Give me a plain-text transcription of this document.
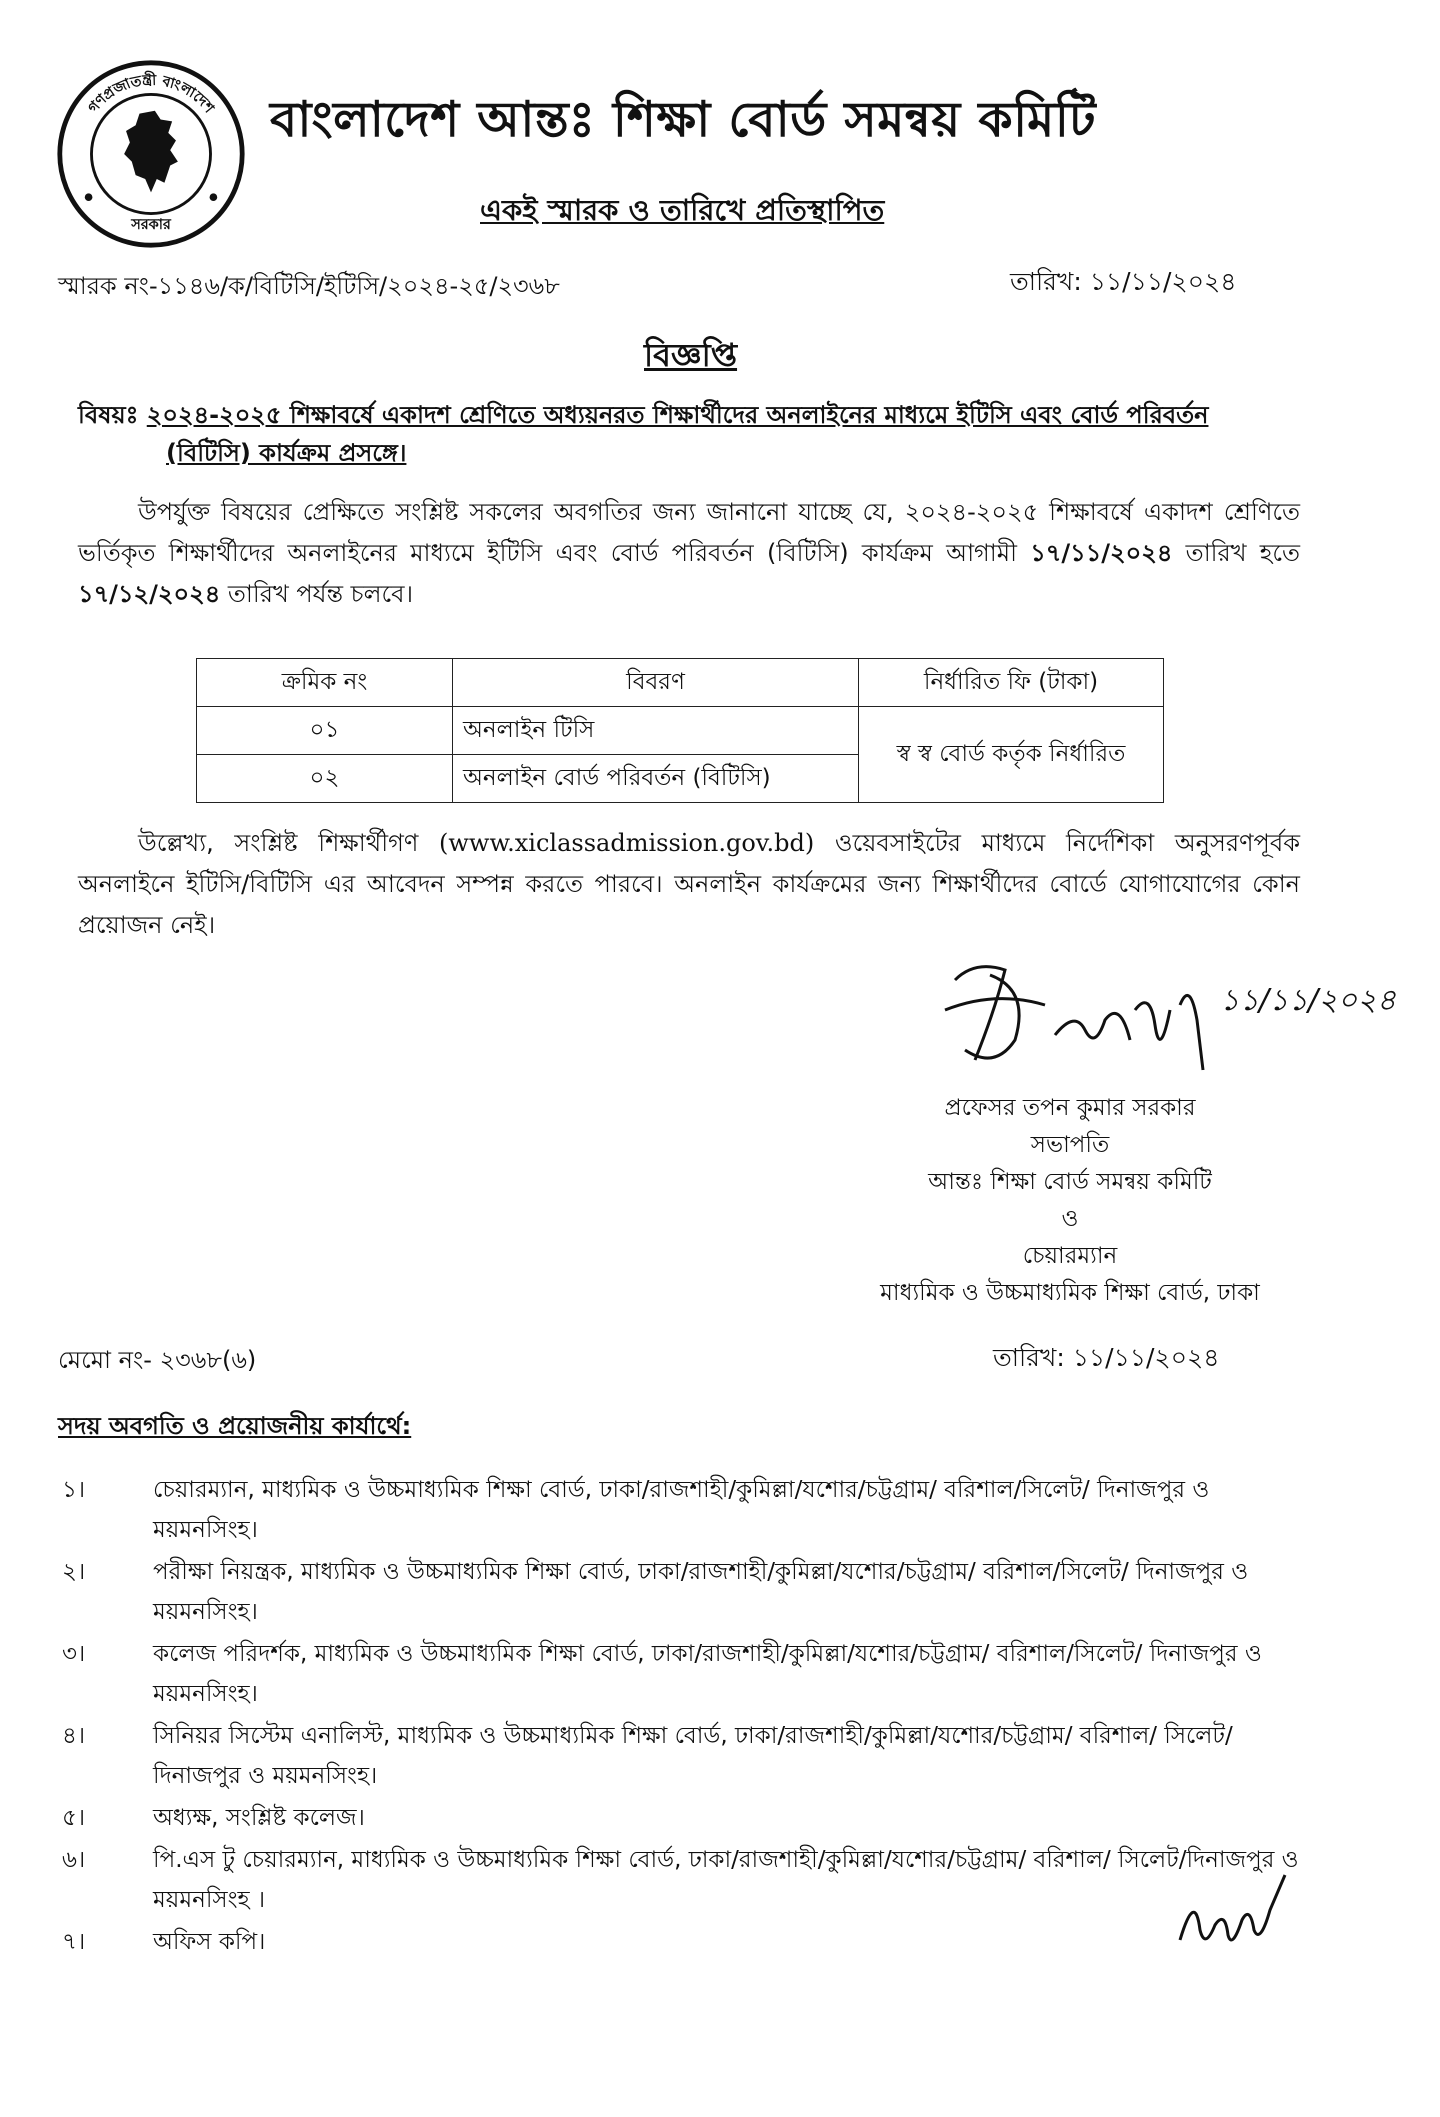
গণপ্রজাতন্ত্রী বাংলাদেশ
সরকার
বাংলাদেশ আন্তঃ শিক্ষা বোর্ড সমন্বয় কমিটি
একই স্মারক ও তারিখে প্রতিস্থাপিত
স্মারক নং-১১৪৬/ক/বিটিসি/ইটিসি/২০২৪-২৫/২৩৬৮	তারিখ: ১১/১১/২০২৪
বিজ্ঞপ্তি
বিষয়ঃ ২০২৪-২০২৫ শিক্ষাবর্ষে একাদশ শ্রেণিতে অধ্যয়নরত শিক্ষার্থীদের অনলাইনের মাধ্যমে ইটিসি এবং বোর্ড পরিবর্তন
(বিটিসি) কার্যক্রম প্রসঙ্গে।
উপর্যুক্ত বিষয়ের প্রেক্ষিতে সংশ্লিষ্ট সকলের অবগতির জন্য জানানো যাচ্ছে যে, ২০২৪-২০২৫ শিক্ষাবর্ষে একাদশ শ্রেণিতে ভর্তিকৃত শিক্ষার্থীদের অনলাইনের মাধ্যমে ইটিসি এবং বোর্ড পরিবর্তন (বিটিসি) কার্যক্রম আগামী ১৭/১১/২০২৪ তারিখ হতে ১৭/১২/২০২৪ তারিখ পর্যন্ত চলবে।
ক্রমিক নং	বিবরণ	নির্ধারিত ফি (টাকা)
০১	অনলাইন টিসি	স্ব স্ব বোর্ড কর্তৃক নির্ধারিত
০২	অনলাইন বোর্ড পরিবর্তন (বিটিসি)	
উল্লেখ্য, সংশ্লিষ্ট শিক্ষার্থীগণ (www.xiclassadmission.gov.bd) ওয়েবসাইটের মাধ্যমে নির্দেশিকা অনুসরণপূর্বক অনলাইনে ইটিসি/বিটিসি এর আবেদন সম্পন্ন করতে পারবে। অনলাইন কার্যক্রমের জন্য শিক্ষার্থীদের বোর্ডে যোগাযোগের কোন প্রয়োজন নেই।
১১/১১/২০২৪
প্রফেসর তপন কুমার সরকার
সভাপতি
আন্তঃ শিক্ষা বোর্ড সমন্বয় কমিটি
ও
চেয়ারম্যান
মাধ্যমিক ও উচ্চমাধ্যমিক শিক্ষা বোর্ড, ঢাকা
মেমো নং- ২৩৬৮(৬)	তারিখ: ১১/১১/২০২৪
সদয় অবগতি ও প্রয়োজনীয় কার্যার্থে:
১।	চেয়ারম্যান, মাধ্যমিক ও উচ্চমাধ্যমিক শিক্ষা বোর্ড, ঢাকা/রাজশাহী/কুমিল্লা/যশোর/চট্টগ্রাম/ বরিশাল/সিলেট/ দিনাজপুর ও ময়মনসিংহ।
২।	পরীক্ষা নিয়ন্ত্রক, মাধ্যমিক ও উচ্চমাধ্যমিক শিক্ষা বোর্ড, ঢাকা/রাজশাহী/কুমিল্লা/যশোর/চট্টগ্রাম/ বরিশাল/সিলেট/ দিনাজপুর ও ময়মনসিংহ।
৩।	কলেজ পরিদর্শক, মাধ্যমিক ও উচ্চমাধ্যমিক শিক্ষা বোর্ড, ঢাকা/রাজশাহী/কুমিল্লা/যশোর/চট্টগ্রাম/ বরিশাল/সিলেট/ দিনাজপুর ও ময়মনসিংহ।
৪।	সিনিয়র সিস্টেম এনালিস্ট, মাধ্যমিক ও উচ্চমাধ্যমিক শিক্ষা বোর্ড, ঢাকা/রাজশাহী/কুমিল্লা/যশোর/চট্টগ্রাম/ বরিশাল/ সিলেট/দিনাজপুর ও ময়মনসিংহ।
৫।	অধ্যক্ষ, সংশ্লিষ্ট কলেজ।
৬।	পি.এস টু চেয়ারম্যান, মাধ্যমিক ও উচ্চমাধ্যমিক শিক্ষা বোর্ড, ঢাকা/রাজশাহী/কুমিল্লা/যশোর/চট্টগ্রাম/ বরিশাল/ সিলেট/দিনাজপুর ও ময়মনসিংহ ।
৭।	অফিস কপি।
